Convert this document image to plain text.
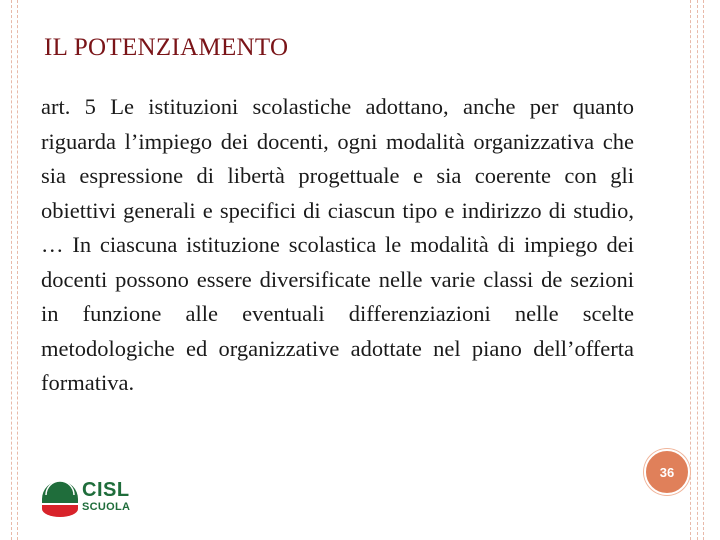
IL POTENZIAMENTO
art. 5 Le istituzioni scolastiche adottano, anche per quanto riguarda l’impiego dei docenti, ogni modalità organizzativa che sia espressione di libertà progettuale e sia coerente con gli obiettivi generali e specifici di ciascun tipo e indirizzo di studio, … In ciascuna istituzione scolastica le modalità di impiego dei docenti possono essere diversificate nelle varie classi de sezioni in funzione alle eventuali differenziazioni nelle scelte metodologiche ed organizzative adottate nel piano dell’offerta formativa.
36
CISL
SCUOLA
